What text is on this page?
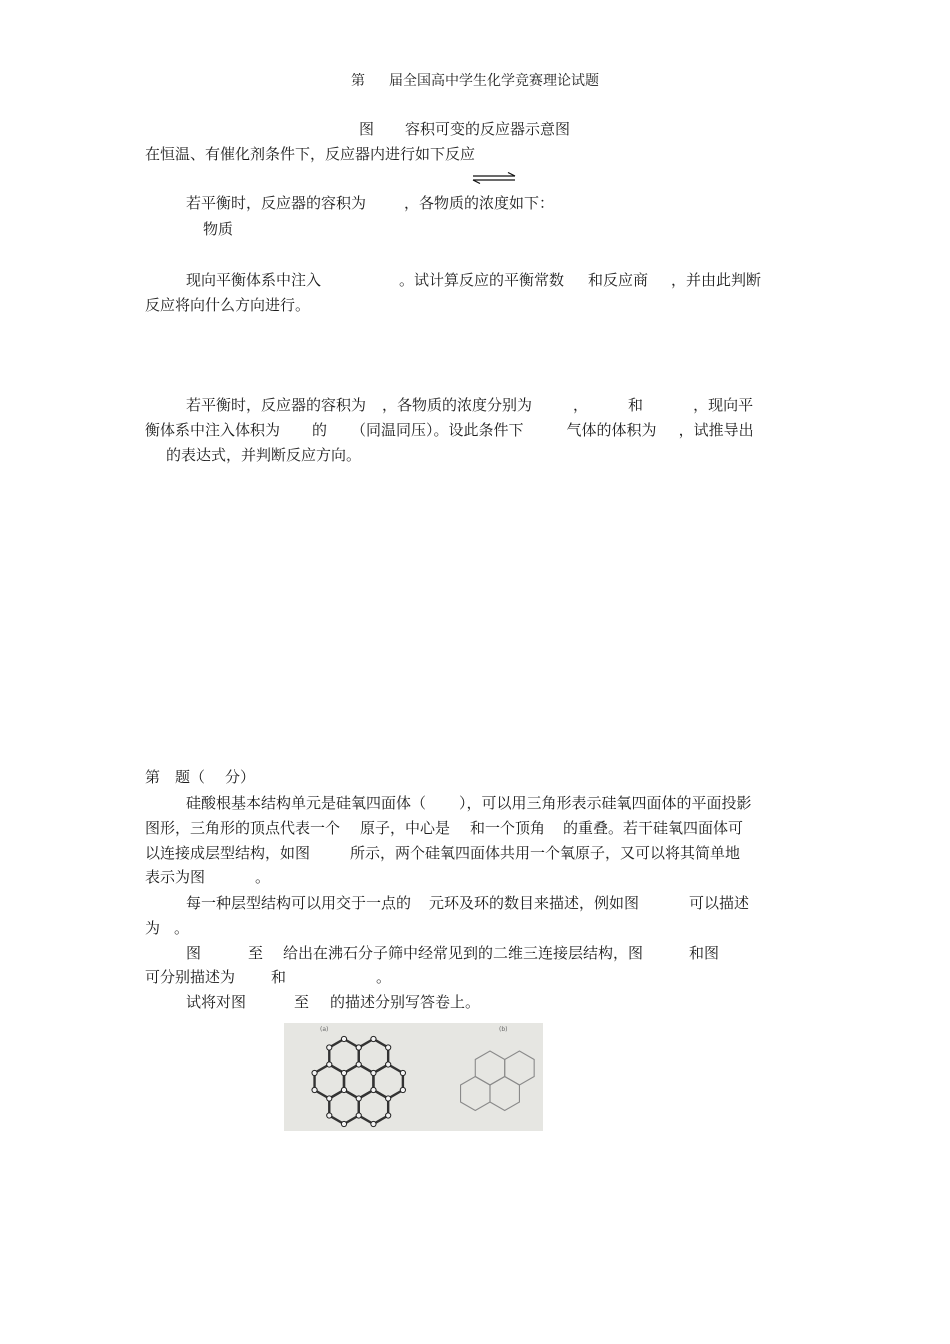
第 届全国高中学生化学竞赛理论试题
图 容积可变的反应器示意图
在恒温、有催化剂条件下，反应器内进行如下反应
若平衡时，反应器的容积为	，各物质的浓度如下：
物质
现向平衡体系中注入	。试计算反应的平衡常数 和反应商 ，并由此判断
反应将向什么方向进行。
若平衡时，反应器的容积为 ，各物质的浓度分别为	，	和	，现向平
衡体系中注入体积为 的 （同温同压）。设此条件下	气体的体积为 ，试推导出
的表达式，并判断反应方向。
第 题（ 分）
硅酸根基本结构单元是硅氧四面体（ ），可以用三角形表示硅氧四面体的平面投影
图形，三角形的顶点代表一个 原子，中心是 和一个顶角 的重叠。若干硅氧四面体可
以连接成层型结构，如图	所示，两个硅氧四面体共用一个氧原子，又可以将其简单地
表示为图	。
每一种层型结构可以用交于一点的 元环及环的数目来描述，例如图	可以描述
为 。
图	至 给出在沸石分子筛中经常见到的二维三连接层结构，图	和图
可分别描述为 和	。
试将对图	至 的描述分别写答卷上。
(a)	(b)
